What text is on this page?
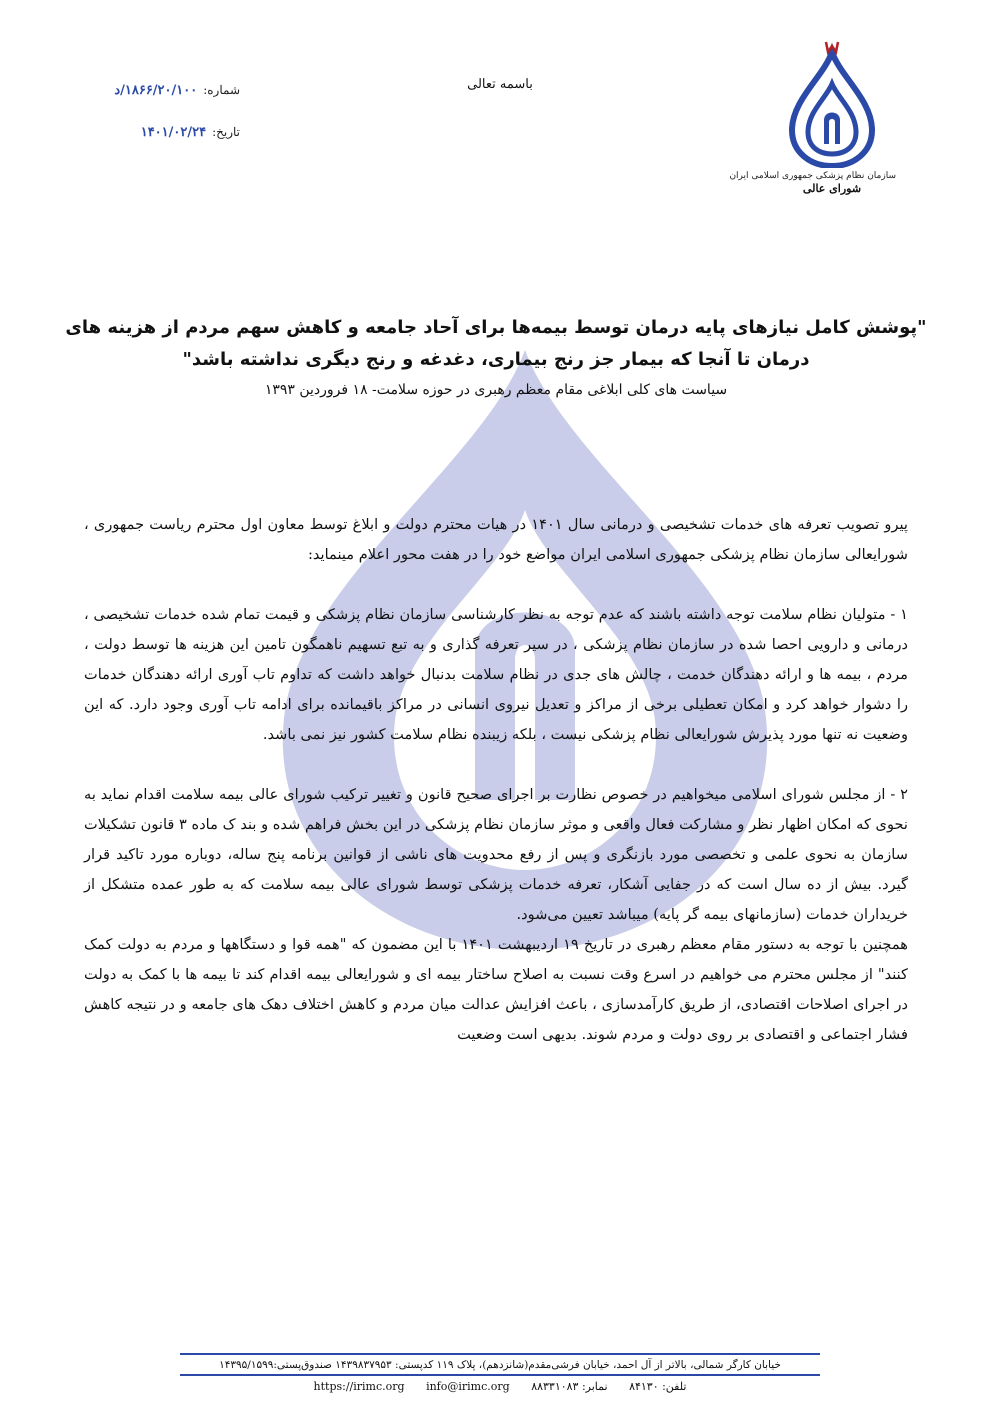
سازمان نظام پزشکی جمهوری اسلامی ایران
شورای عالی
باسمه تعالی
شماره:
۱۸۶۶/۲۰/۱۰۰/د
تاریخ:
۱۴۰۱/۰۲/۲۴
"پوشش کامل نیازهای پایه درمان توسط بیمه‌ها برای آحاد جامعه و کاهش سهم مردم از هزینه های
درمان تا آنجا که بیمار جز رنج بیماری، دغدغه و رنج دیگری نداشته باشد"
سیاست های کلی ابلاغی مقام معظم رهبری در حوزه سلامت- ۱۸ فروردین ۱۳۹۳

پیرو تصویب تعرفه های خدمات تشخیصی و درمانی سال ۱۴۰۱ در هیات محترم دولت و ابلاغ توسط معاون اول محترم ریاست جمهوری ، شورایعالی سازمان نظام پزشکی جمهوری اسلامی ایران مواضع خود را در هفت محور اعلام مینماید:

۱ - متولیان نظام سلامت توجه داشته باشند که عدم توجه به نظر کارشناسی سازمان نظام پزشکی و قیمت تمام شده خدمات تشخیصی ، درمانی و دارویی احصا شده در سازمان نظام پزشکی ، در سیر تعرفه گذاری و به تبع تسهیم ناهمگون تامین این هزینه ها توسط دولت ، مردم ، بیمه ها و ارائه دهندگان خدمت ، چالش های جدی در نظام سلامت بدنبال خواهد داشت که تداوم تاب آوری ارائه دهندگان خدمات را دشوار خواهد کرد و امکان تعطیلی برخی از مراکز و تعدیل نیروی انسانی در مراکز باقیمانده برای ادامه تاب آوری وجود دارد. که این وضعیت نه تنها مورد پذیرش شورایعالی نظام پزشکی نیست ، بلکه زیبنده نظام سلامت کشور نیز نمی باشد.

۲ - از مجلس شورای اسلامی میخواهیم در خصوص نظارت بر اجرای صحیح قانون و تغییر ترکیب شورای عالی بیمه سلامت اقدام نماید به نحوی که امکان اظهار نظر و مشارکت فعال واقعی و موثر سازمان نظام پزشکی در این بخش فراهم شده و بند ک ماده ۳ قانون تشکیلات سازمان به نحوی علمی و تخصصی مورد بازنگری و پس از رفع محدویت های ناشی از قوانین برنامه پنج ساله، دوباره مورد تاکید قرار گیرد. بیش از ده سال است که در جفایی آشکار، تعرفه خدمات پزشکی توسط شورای عالی بیمه سلامت که به طور عمده متشکل از خریداران خدمات (سازمانهای بیمه گر پایه) میباشد تعیین می‌شود.

همچنین با توجه به دستور مقام معظم رهبری در تاریخ ۱۹ اردیبهشت ۱۴۰۱ با این مضمون که "همه قوا و دستگاهها و مردم به دولت کمک کنند" از مجلس محترم می خواهیم در اسرع وقت نسبت به اصلاح ساختار بیمه ای و شورایعالی بیمه اقدام کند تا بیمه ها با کمک به دولت در اجرای اصلاحات اقتصادی، از طریق کارآمدسازی ، باعث افزایش عدالت میان مردم و کاهش اختلاف دهک های جامعه و در نتیجه کاهش فشار اجتماعی و اقتصادی بر روی دولت و مردم شوند. بدیهی است وضعیت

خیابان کارگر شمالی، بالاتر از آل احمد، خیابان فرشی‌مقدم(شانزدهم)، پلاک ۱۱۹ کدپستی: ۱۴۳۹۸۳۷۹۵۳ صندوق‌پستی:۱۴۳۹۵/۱۵۹۹
تلفن: ۸۴۱۳۰ نمابر: ۸۸۳۳۱۰۸۳ https://irimc.org info@irimc.org
